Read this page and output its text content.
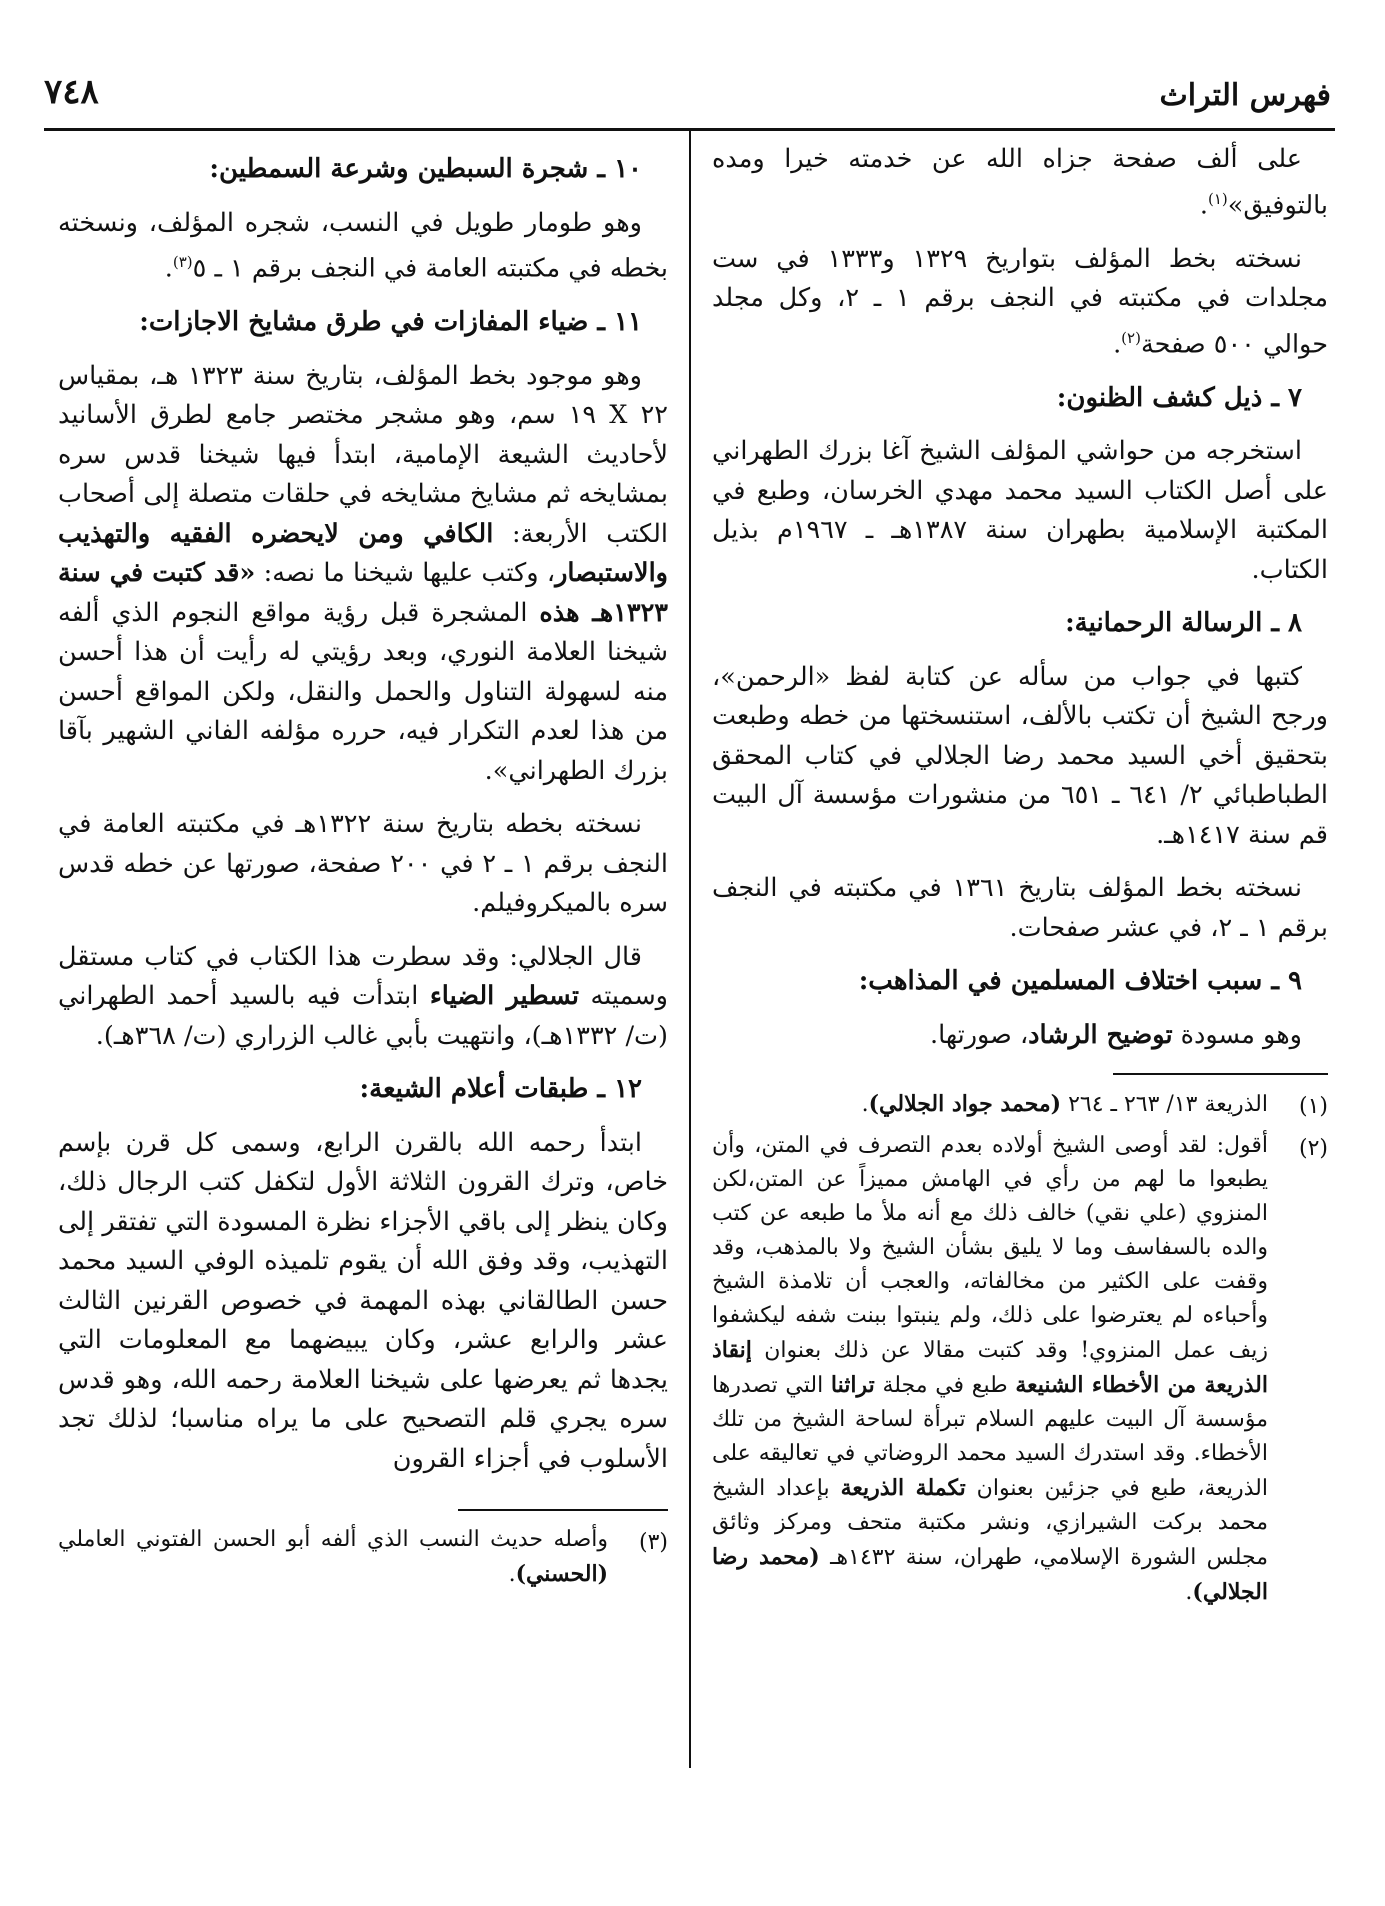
٧٤٨	فهرس التراث

على ألف صفحة جزاه الله عن خدمته خيرا ومده بالتوفيق»$^{(١)}$.

نسخته بخط المؤلف بتواريخ ١٣٢٩ و١٣٣٣ في ست مجلدات في مكتبته في النجف برقم ١ ـ ٢، وكل مجلد حوالي ٥٠٠ صفحة$^{(٢)}$.

٧ ـ ذيل كشف الظنون:

استخرجه من حواشي المؤلف الشيخ آغا بزرك الطهراني على أصل الكتاب السيد محمد مهدي الخرسان، وطبع في المكتبة الإسلامية بطهران سنة ١٣٨٧هـ ـ ١٩٦٧م بذيل الكتاب.

٨ ـ الرسالة الرحمانية:

كتبها في جواب من سأله عن كتابة لفظ «الرحمن»، ورجح الشيخ أن تكتب بالألف، استنسختها من خطه وطبعت بتحقيق أخي السيد محمد رضا الجلالي في كتاب المحقق الطباطبائي ٢/ ٦٤١ ـ ٦٥١ من منشورات مؤسسة آل البيت قم سنة ١٤١٧هـ.

نسخته بخط المؤلف بتاريخ ١٣٦١ في مكتبته في النجف برقم ١ ـ ٢، في عشر صفحات.

٩ ـ سبب اختلاف المسلمين في المذاهب:

وهو مسودة توضيح الرشاد، صورتها.

(١)
الذريعة ١٣/ ٢٦٣ ـ ٢٦٤ (محمد جواد الجلالي).
(٢)
أقول: لقد أوصى الشيخ أولاده بعدم التصرف في المتن، وأن يطبعوا ما لهم من رأي في الهامش مميزاً عن المتن،لكن المنزوي (علي نقي) خالف ذلك مع أنه ملأ ما طبعه عن كتب والده بالسفاسف وما لا يليق بشأن الشيخ ولا بالمذهب، وقد وقفت على الكثير من مخالفاته، والعجب أن تلامذة الشيخ وأحباءه لم يعترضوا على ذلك، ولم ينبتوا ببنت شفه ليكشفوا زيف عمل المنزوي! وقد كتبت مقالا عن ذلك بعنوان إنقاذ الذريعة من الأخطاء الشنيعة طبع في مجلة تراثنا التي تصدرها مؤسسة آل البيت عليهم السلام تبرأة لساحة الشيخ من تلك الأخطاء. وقد استدرك السيد محمد الروضاتي في تعاليقه على الذريعة، طبع في جزئين بعنوان تكملة الذريعة بإعداد الشيخ محمد بركت الشيرازي، ونشر مكتبة متحف ومركز وثائق مجلس الشورة الإسلامي، طهران، سنة ١٤٣٢هـ (محمد رضا الجلالي).
١٠ ـ شجرة السبطين وشرعة السمطين:

وهو طومار طويل في النسب، شجره المؤلف، ونسخته بخطه في مكتبته العامة في النجف برقم ١ ـ ٥$^{(٣)}$.

١١ ـ ضياء المفازات في طرق مشايخ الاجازات:

وهو موجود بخط المؤلف، بتاريخ سنة ١٣٢٣ هـ، بمقياس ٢٢ X ١٩ سم، وهو مشجر مختصر جامع لطرق الأسانيد لأحاديث الشيعة الإمامية، ابتدأ فيها شيخنا قدس سره بمشايخه ثم مشايخ مشايخه في حلقات متصلة إلى أصحاب الكتب الأربعة: الكافي ومن لايحضره الفقيه والتهذيب والاستبصار، وكتب عليها شيخنا ما نصه: «قد كتبت في سنة ١٣٢٣هـ هذه المشجرة قبل رؤية مواقع النجوم الذي ألفه شيخنا العلامة النوري، وبعد رؤيتي له رأيت أن هذا أحسن منه لسهولة التناول والحمل والنقل، ولكن المواقع أحسن من هذا لعدم التكرار فيه، حرره مؤلفه الفاني الشهير بآقا بزرك الطهراني».

نسخته بخطه بتاريخ سنة ١٣٢٢هـ في مكتبته العامة في النجف برقم ١ ـ ٢ في ٢٠٠ صفحة، صورتها عن خطه قدس سره بالميكروفيلم.

قال الجلالي: وقد سطرت هذا الكتاب في كتاب مستقل وسميته تسطير الضياء ابتدأت فيه بالسيد أحمد الطهراني (ت/ ١٣٣٢هـ)، وانتهيت بأبي غالب الزراري (ت/ ٣٦٨هـ).

١٢ ـ طبقات أعلام الشيعة:

ابتدأ رحمه الله بالقرن الرابع، وسمى كل قرن بإسم خاص، وترك القرون الثلاثة الأول لتكفل كتب الرجال ذلك، وكان ينظر إلى باقي الأجزاء نظرة المسودة التي تفتقر إلى التهذيب، وقد وفق الله أن يقوم تلميذه الوفي السيد محمد حسن الطالقاني بهذه المهمة في خصوص القرنين الثالث عشر والرابع عشر، وكان يبيضهما مع المعلومات التي يجدها ثم يعرضها على شيخنا العلامة رحمه الله، وهو قدس سره يجري قلم التصحيح على ما يراه مناسبا؛ لذلك تجد الأسلوب في أجزاء القرون

(٣)
وأصله حديث النسب الذي ألفه أبو الحسن الفتوني العاملي (الحسني).
